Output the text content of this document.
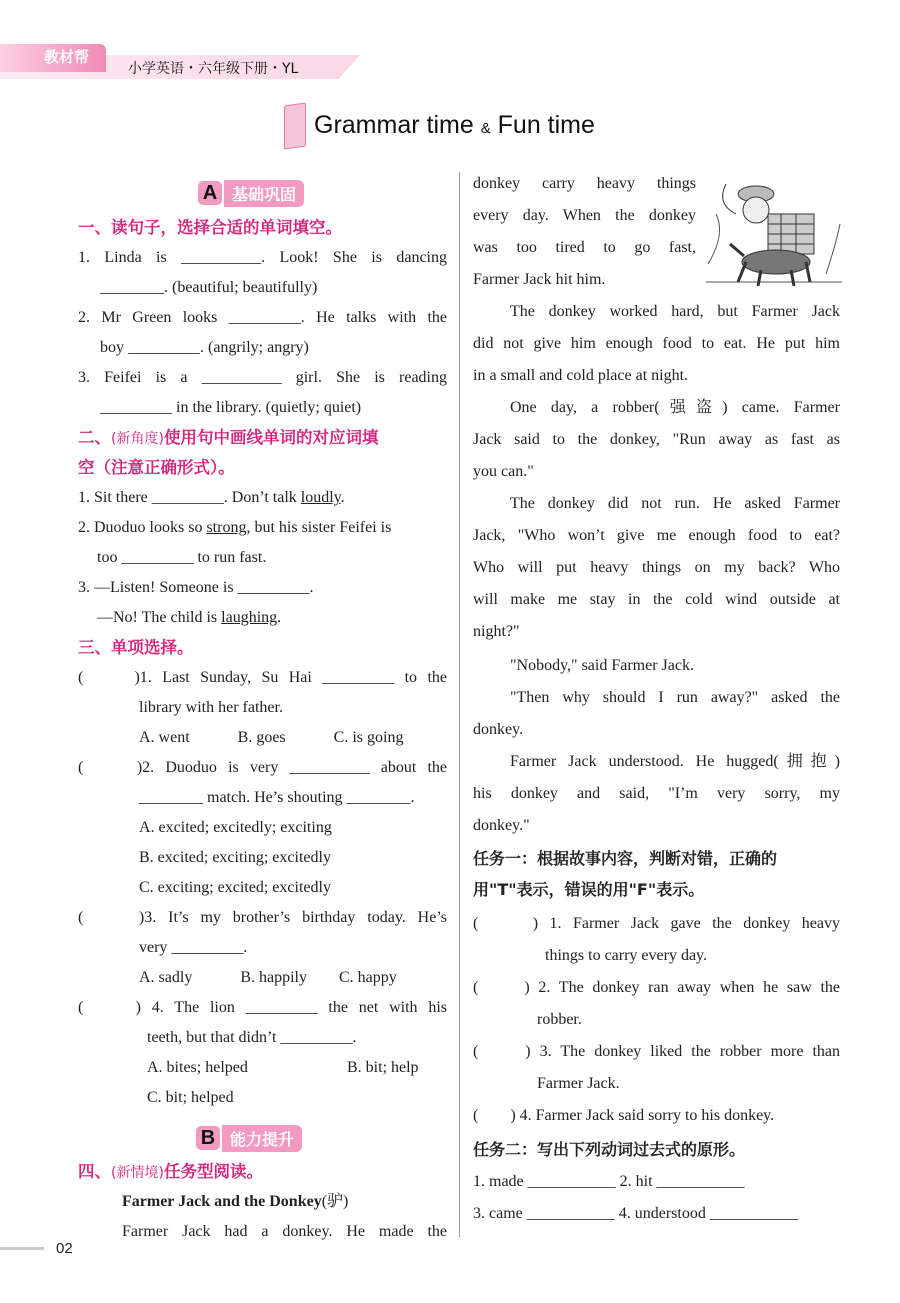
教材帮
小学英语・六年级下册・YL
Grammar time & Fun time
A 基础巩固
一、读句子，选择合适的单词填空。
1. Linda is __________. Look! She is dancing
________. (beautiful; beautifully)
2. Mr Green looks _________. He talks with the
boy _________. (angrily; angry)
3. Feifei is a __________ girl. She is reading
_________ in the library. (quietly; quiet)
二、(新角度)使用句中画线单词的对应词填
空（注意正确形式）。
1. Sit there _________. Don’t talk loudly.
2. Duoduo looks so strong, but his sister Feifei is
too _________ to run fast.
3. —Listen! Someone is _________.
—No! The child is laughing.
三、单项选择。
(　　)1. Last Sunday, Su Hai _________ to the
library with her father.
A. went　　　B. goes　　　C. is going
(　　)2. Duoduo is very __________ about the
________ match. He’s shouting ________.
A. excited; excitedly; exciting
B. excited; exciting; excitedly
C. exciting; excited; excitedly
(　　)3. It’s my brother’s birthday today. He’s
very _________.
A. sadly　　　B. happily　　C. happy
(　　) 4. The lion _________ the net with his
teeth, but that didn’t _________.
A. bites; helped	B. bit; help
C. bit; helped
B 能力提升
四、(新情境)任务型阅读。
Farmer Jack and the Donkey(驴)
Farmer Jack had a donkey. He made the
donkey carry heavy things
every day. When the donkey
was too tired to go fast,
Farmer Jack hit him.
The donkey worked hard, but Farmer Jack
did not give him enough food to eat. He put him
in a small and cold place at night.
One day, a robber(强盗) came. Farmer
Jack said to the donkey, "Run away as fast as
you can."
The donkey did not run. He asked Farmer
Jack, "Who won’t give me enough food to eat?
Who will put heavy things on my back? Who
will make me stay in the cold wind outside at
night?"
"Nobody," said Farmer Jack.
"Then why should I run away?" asked the
donkey.
Farmer Jack understood. He hugged(拥抱)
his donkey and said, "I’m very sorry, my
donkey."
任务一：根据故事内容，判断对错，正确的
用"T"表示，错误的用"F"表示。
(　　) 1. Farmer Jack gave the donkey heavy
things to carry every day.
(　　) 2. The donkey ran away when he saw the
robber.
(　　) 3. The donkey liked the robber more than
Farmer Jack.
(　　) 4. Farmer Jack said sorry to his donkey.
任务二：写出下列动词过去式的原形。
1. made ___________ 2. hit ___________
3. came ___________ 4. understood ___________
02
